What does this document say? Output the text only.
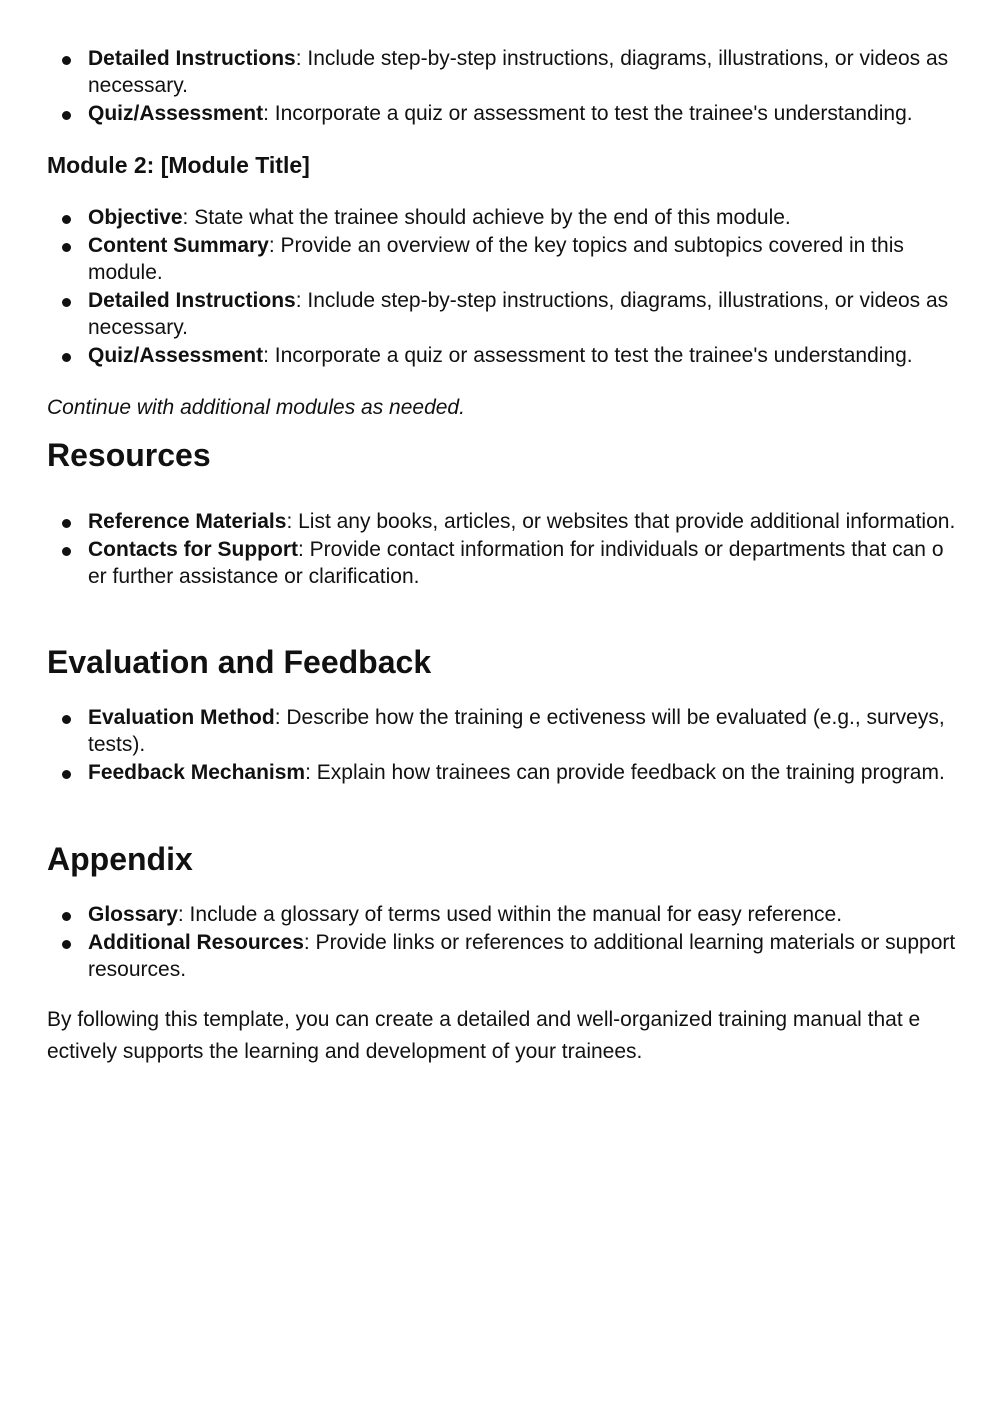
Detailed Instructions: Include step-by-step instructions, diagrams, illustrations, or videos as necessary.
Quiz/Assessment: Incorporate a quiz or assessment to test the trainee's understanding.
Module 2: [Module Title]
Objective: State what the trainee should achieve by the end of this module.
Content Summary: Provide an overview of the key topics and subtopics covered in this module.
Detailed Instructions: Include step-by-step instructions, diagrams, illustrations, or videos as necessary.
Quiz/Assessment: Incorporate a quiz or assessment to test the trainee's understanding.

Continue with additional modules as needed.

Resources
Reference Materials: List any books, articles, or websites that provide additional information.
Contacts for Support: Provide contact information for individuals or departments that can o er further assistance or clarification.
Evaluation and Feedback
Evaluation Method: Describe how the training e ectiveness will be evaluated (e.g., surveys, tests).
Feedback Mechanism: Explain how trainees can provide feedback on the training program.
Appendix
Glossary: Include a glossary of terms used within the manual for easy reference.
Additional Resources: Provide links or references to additional learning materials or support resources.

By following this template, you can create a detailed and well-organized training manual that e ectively supports the learning and development of your trainees.
